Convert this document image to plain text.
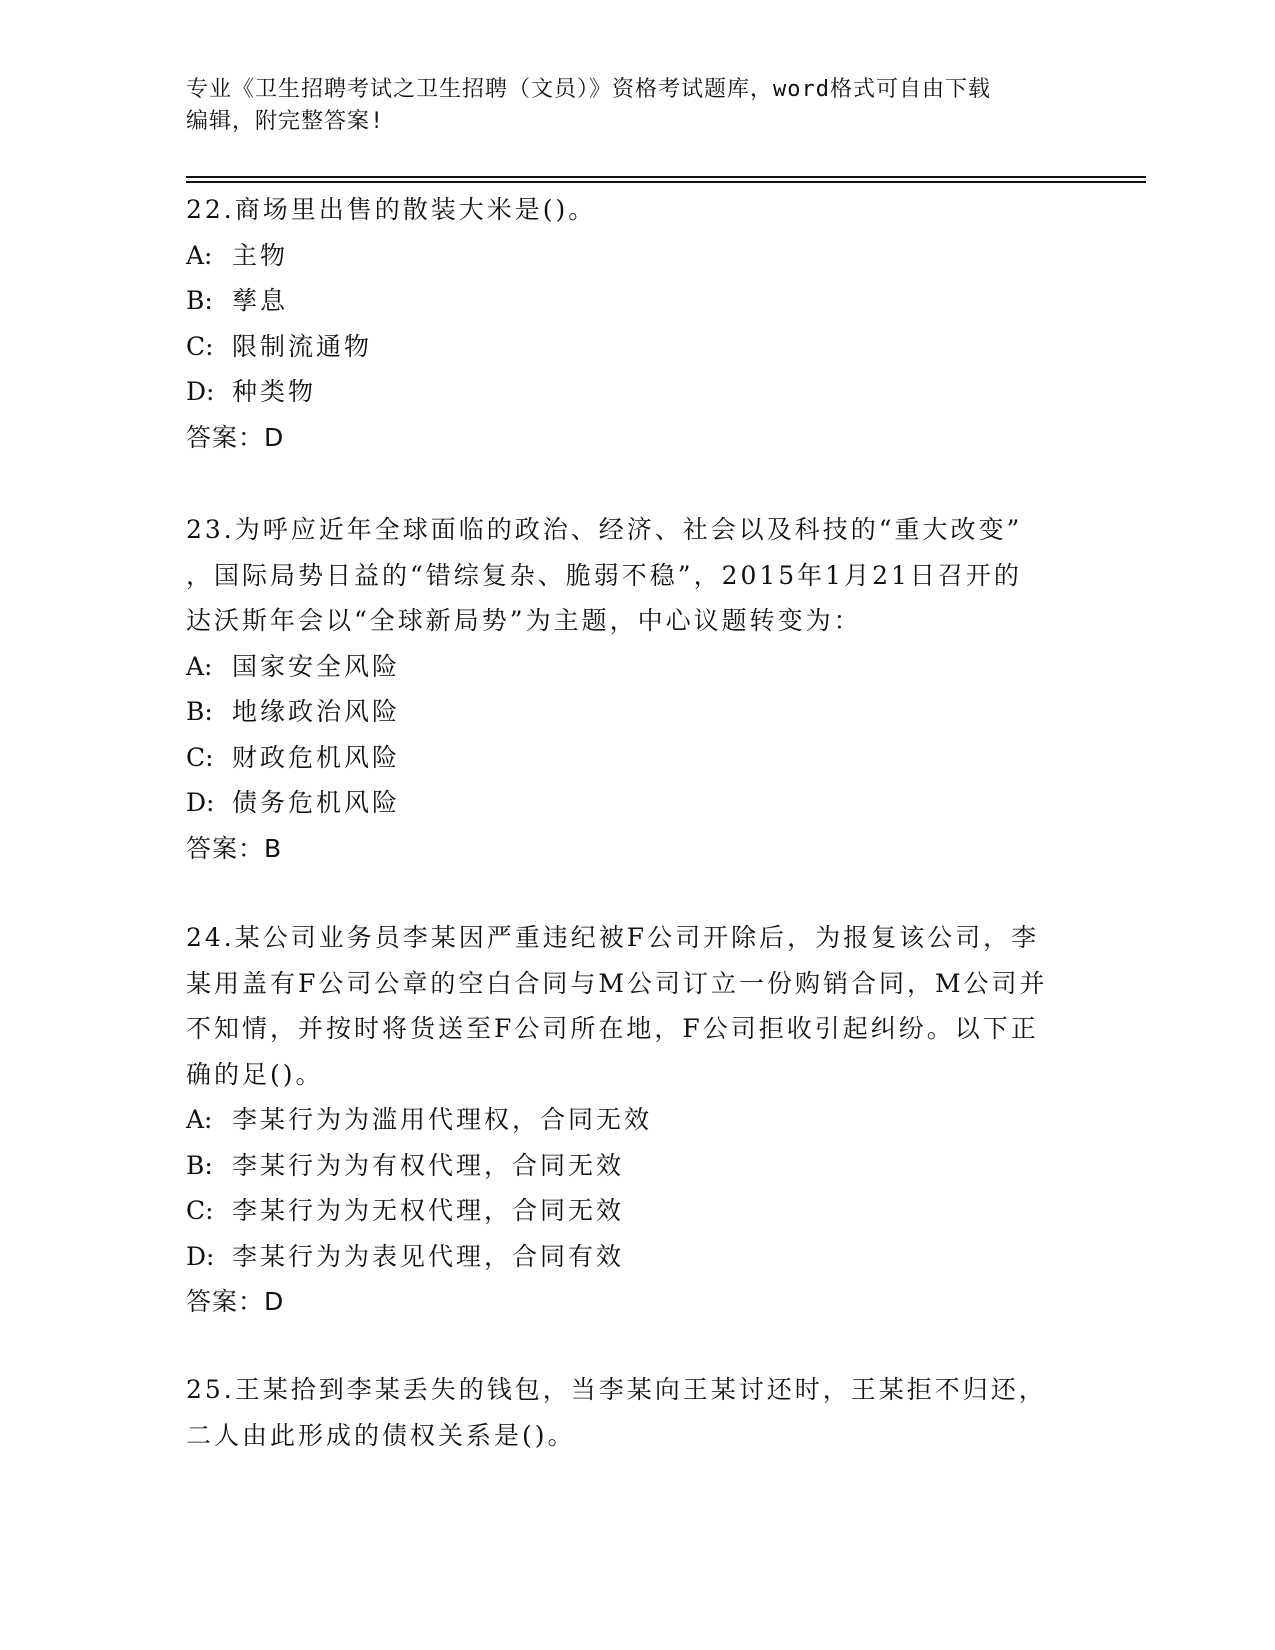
专业《卫生招聘考试之卫生招聘（文员）》资格考试题库，word格式可自由下载
编辑，附完整答案!
22.商场里出售的散装大米是()。
A: 主物
B: 孳息
C: 限制流通物
D: 种类物
答案：D
23.为呼应近年全球面临的政治、经济、社会以及科技的“重大改变”
，国际局势日益的“错综复杂、脆弱不稳”，2015年1月21日召开的
达沃斯年会以“全球新局势”为主题，中心议题转变为：
A: 国家安全风险
B: 地缘政治风险
C: 财政危机风险
D: 债务危机风险
答案：B
24.某公司业务员李某因严重违纪被F公司开除后，为报复该公司，李
某用盖有F公司公章的空白合同与M公司订立一份购销合同，M公司并
不知情，并按时将货送至F公司所在地，F公司拒收引起纠纷。以下正
确的足()。
A: 李某行为为滥用代理权，合同无效
B: 李某行为为有权代理，合同无效
C: 李某行为为无权代理，合同无效
D: 李某行为为表见代理，合同有效
答案：D
25.王某拾到李某丢失的钱包，当李某向王某讨还时，王某拒不归还，
二人由此形成的债权关系是()。
